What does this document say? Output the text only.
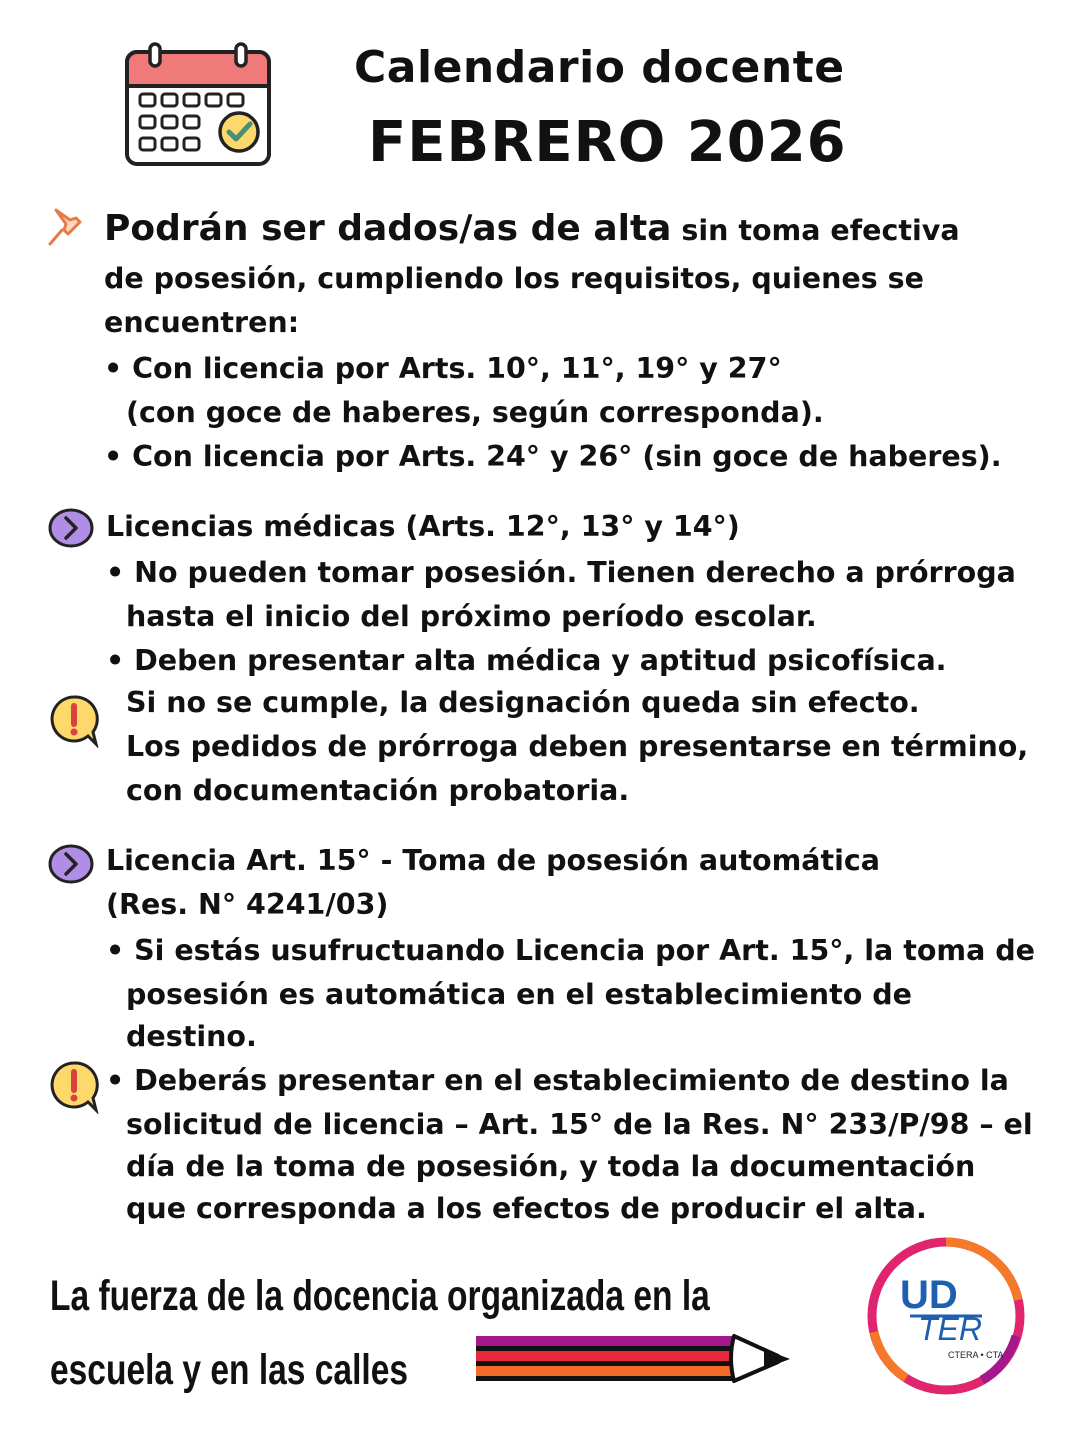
Calendario docente
FEBRERO 2026
Podrán ser dados/as de alta sin toma efectiva
de posesión, cumpliendo los requisitos, quienes se
encuentren:
• Con licencia por Arts. 10°, 11°, 19° y 27°
(con goce de haberes, según corresponda).
• Con licencia por Arts. 24° y 26° (sin goce de haberes).
Licencias médicas (Arts. 12°, 13° y 14°)
• No pueden tomar posesión. Tienen derecho a prórroga
hasta el inicio del próximo período escolar.
• Deben presentar alta médica y aptitud psicofísica.
Si no se cumple, la designación queda sin efecto.
Los pedidos de prórroga deben presentarse en término,
con documentación probatoria.
Licencia Art. 15° - Toma de posesión automática
(Res. N° 4241/03)
• Si estás usufructuando Licencia por Art. 15°, la toma de
posesión es automática en el establecimiento de
destino.
• Deberás presentar en el establecimiento de destino la
solicitud de licencia – Art. 15° de la Res. N° 233/P/98 – el
día de la toma de posesión, y toda la documentación
que corresponda a los efectos de producir el alta.
La fuerza de la docencia organizada en la
escuela y en las calles
UD
TER
CTERA • CTA
